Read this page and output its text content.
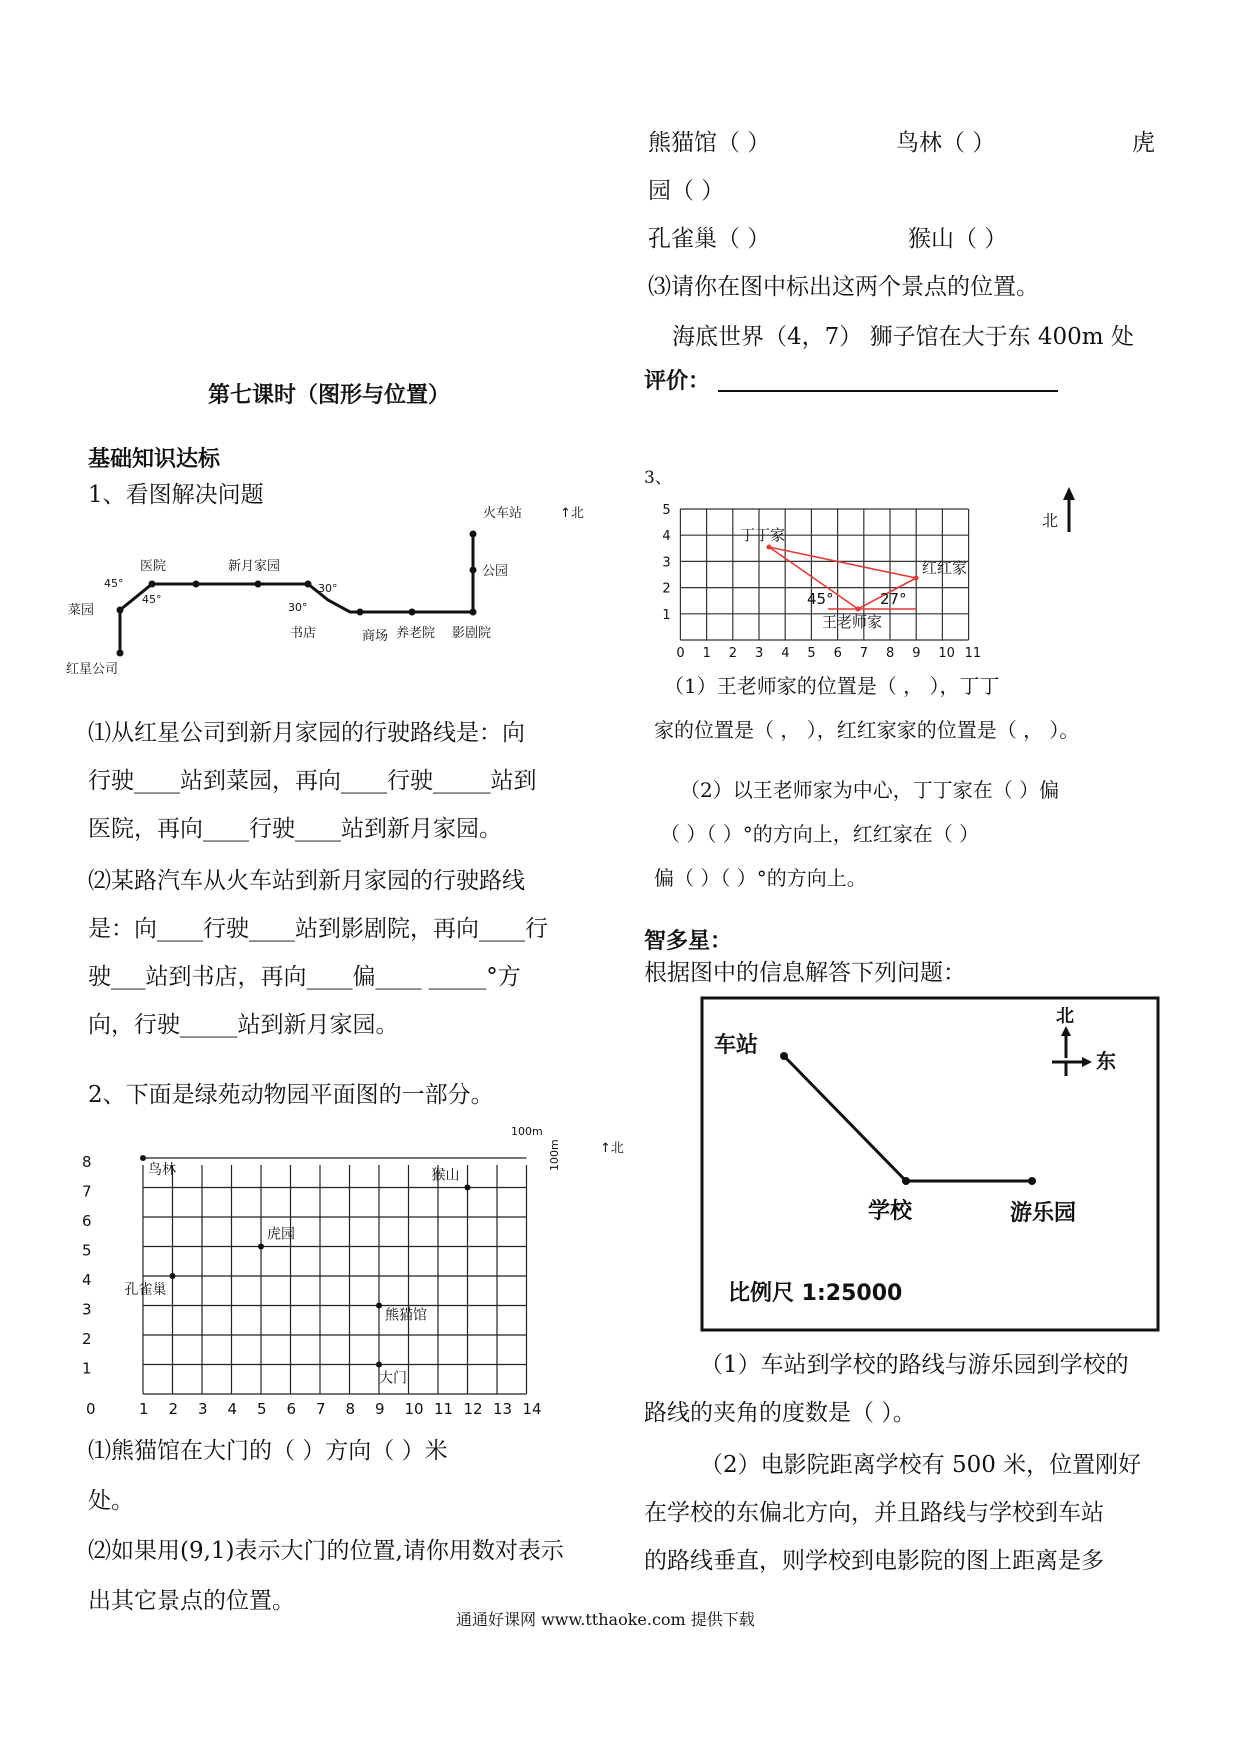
第七课时（图形与位置）
基础知识达标
1、看图解决问题
火车站	↑北
医院	新月家园
45°
45°
30°
30°
菜园
公园
书店	商场 养老院 影剧院
红星公司
⑴从红星公司到新月家园的行驶路线是：向
行驶____站到菜园，再向____行驶_____站到
医院，再向____行驶____站到新月家园。
⑵某路汽车从火车站到新月家园的行驶路线
是：向____行驶____站到影剧院，再向____行
驶___站到书店，再向____偏____ _____°方
向，行驶_____站到新月家园。
2、下面是绿苑动物园平面图的一部分。
0	1 2 3 4 5 6 7 8 9 10 11 12 13 14
1
2
3
4
5
6
7
8
100m
100m	↑北
鸟林	猴山
虎园
孔雀巢
熊猫馆
大门
⑴熊猫馆在大门的（ ）方向（ ）米
处。
⑵如果用(9,1)表示大门的位置,请你用数对表示
出其它景点的位置。
熊猫馆（ ）	鸟林（ ）	虎
园（ ）
孔雀巢（ ）	猴山（ ）
⑶请你在图中标出这两个景点的位置。
海底世界（4，7） 狮子馆在大于东 400m 处
评价：
3、
0 1 2 3 4 5 6 7 8 9 10 11
1
2
3
4
5
丁丁家
红红家
王老师家
45°	27°
北
（1）王老师家的位置是（ ， ），丁丁
家的位置是（ ， ），红红家家的位置是（ ， ）。
（2）以王老师家为中心，丁丁家在（ ）偏
（ ）（ ）°的方向上，红红家在（ ）
偏（ ）（ ）°的方向上。
智多星：
根据图中的信息解答下列问题：
车站
学校	游乐园
北
东
比例尺 1:25000
（1）车站到学校的路线与游乐园到学校的
路线的夹角的度数是（ ）。
（2）电影院距离学校有 500 米，位置刚好
在学校的东偏北方向，并且路线与学校到车站
的路线垂直，则学校到电影院的图上距离是多
通通好课网 www.tthaoke.com 提供下载
